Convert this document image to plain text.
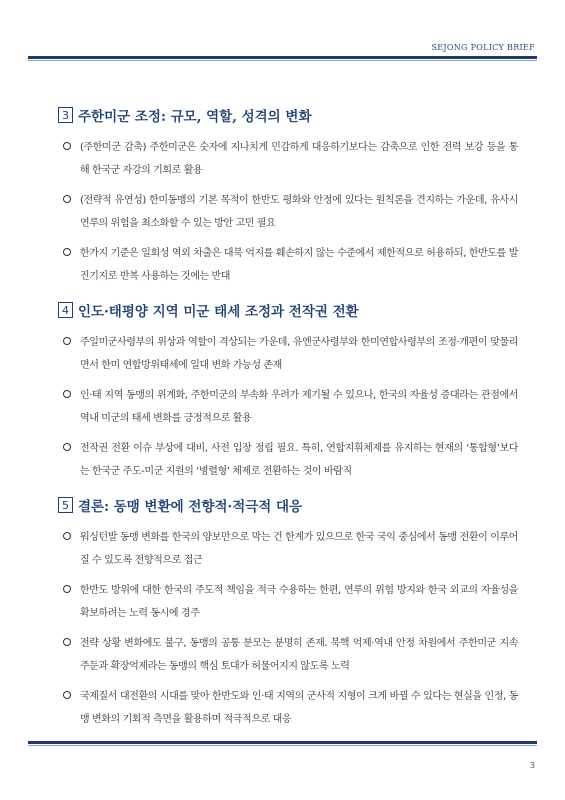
SEJONG POLICY BRIEF
3 주한미군 조정: 규모, 역할, 성격의 변화
(주한미군 감축) 주한미군은 숫자에 지나치게 민감하게 대응하기보다는 감축으로 인한 전력 보강 등을 통해 한국군 자강의 기회로 활용
(전략적 유연성) 한미동맹의 기본 목적이 한반도 평화와 안정에 있다는 원칙론을 견지하는 가운데, 유사시 연루의 위험을 최소화할 수 있는 방안 고민 필요
한가지 기준은 일회성 역외 차출은 대북 억지를 훼손하지 않는 수준에서 제한적으로 허용하되, 한반도를 발진기지로 반복 사용하는 것에는 반대
4 인도·태평양 지역 미군 태세 조정과 전작권 전환
주일미군사령부의 위상과 역할이 격상되는 가운데, 유엔군사령부와 한미연합사령부의 조정·개편이 맞물리면서 한미 연합방위태세에 일대 변화 가능성 존재
인·태 지역 동맹의 위계화, 주한미군의 부속화 우려가 제기될 수 있으나, 한국의 자율성 증대라는 관점에서 역내 미군의 태세 변화를 긍정적으로 활용
전작권 전환 이슈 부상에 대비, 사전 입장 정립 필요. 특히, 연합지휘체제를 유지하는 현재의 ‘통합형’보다는 한국군 주도-미군 지원의 ‘병렬형’ 체제로 전환하는 것이 바람직
5 결론: 동맹 변환에 전향적·적극적 대응
워싱턴발 동맹 변화를 한국의 양보만으로 막는 건 한계가 있으므로 한국 국익 중심에서 동맹 전환이 이루어질 수 있도록 전향적으로 접근
한반도 방위에 대한 한국의 주도적 책임을 적극 수용하는 한편, 연루의 위험 방지와 한국 외교의 자율성을 확보하려는 노력 동시에 경주
전략 상황 변화에도 불구, 동맹의 공통 분모는 분명히 존재. 북핵 억제·역내 안정 차원에서 주한미군 지속 주둔과 확장억제라는 동맹의 핵심 토대가 허물어지지 않도록 노력
국제질서 대전환의 시대를 맞아 한반도와 인·태 지역의 군사적 지형이 크게 바뀔 수 있다는 현실을 인정, 동맹 변화의 기회적 측면을 활용하며 적극적으로 대응
3
